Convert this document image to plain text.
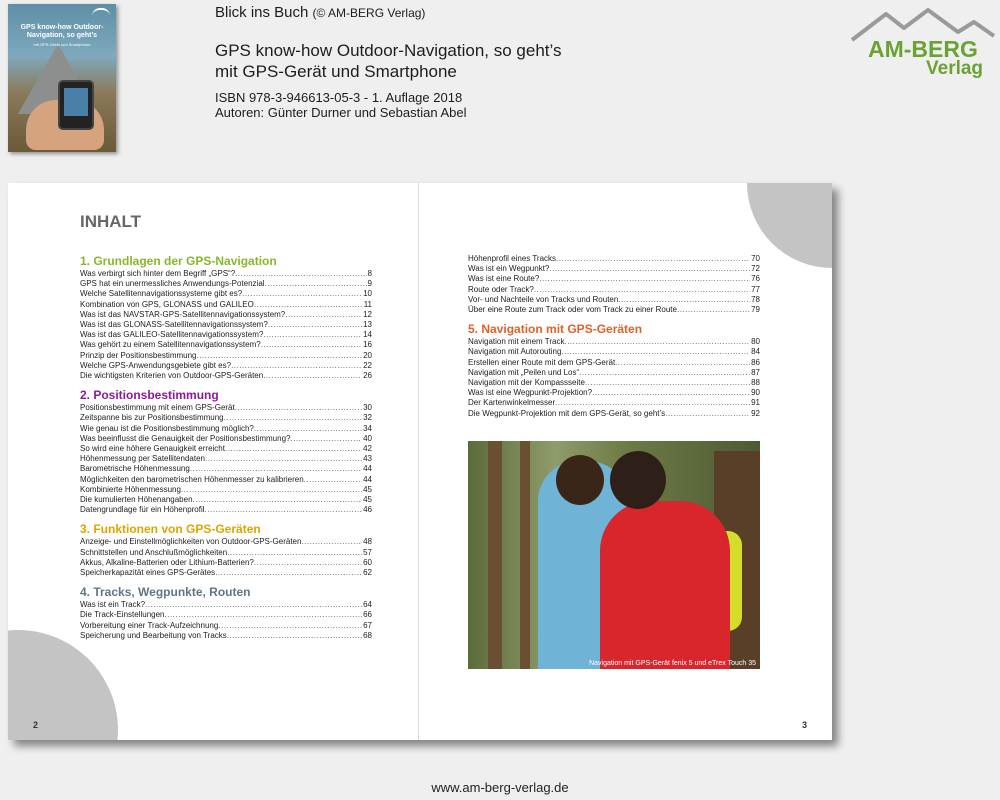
GPS know-how Outdoor-Navigation, so geht’s
mit GPS-Gerät und Smartphone
Blick ins Buch (© AM-BERG Verlag)
GPS know-how Outdoor-Navigation, so geht’s
mit GPS-Gerät und Smartphone
ISBN 978-3-946613-05-3 - 1. Auflage 2018
Autoren: Günter Durner und Sebastian Abel
AM-BERG
Verlag
INHALT
1. Grundlagen der GPS-Navigation
Was verbirgt sich hinter dem Begriff „GPS“? .....	8
GPS hat ein unermessliches Anwendungs-Potenzial .....	9
Welche Satellitennavigationssysteme gibt es? .....	10
Kombination von GPS, GLONASS und GALILEO .....	11
Was ist das NAVSTAR-GPS-Satellitennavigationssystem? .....	12
Was ist das GLONASS-Satellitennavigationssystem? .....	13
Was ist das GALILEO-Satellitennavigationssystem? .....	14
Was gehört zu einem Satellitennavigationssystem? .....	16
Prinzip der Positionsbestimmung .....	20
Welche GPS-Anwendungsgebiete gibt es? .....	22
Die wichtigsten Kriterien von Outdoor-GPS-Geräten .....	26
2. Positionsbestimmung
Positionsbestimmung mit einem GPS-Gerät .....	30
Zeitspanne bis zur Positionsbestimmung .....	32
Wie genau ist die Positionsbestimmung möglich? .....	34
Was beeinflusst die Genauigkeit der Positionsbestimmung? .....	40
So wird eine höhere Genauigkeit erreicht .....	42
Höhenmessung per Satellitendaten .....	43
Barometrische Höhenmessung .....	44
Möglichkeiten den barometrischen Höhenmesser zu kalibrieren .....	44
Kombinierte Höhenmessung .....	45
Die kumulierten Höhenangaben .....	45
Datengrundlage für ein Höhenprofil .....	46
3. Funktionen von GPS-Geräten
Anzeige- und Einstellmöglichkeiten von Outdoor-GPS-Geräten .....	48
Schnittstellen und Anschlußmöglichkeiten .....	57
Akkus, Alkaline-Batterien oder Lithium-Batterien? .....	60
Speicherkapazität eines GPS-Gerätes .....	62
4. Tracks, Wegpunkte, Routen
Was ist ein Track? .....	64
Die Track-Einstellungen .....	66
Vorbereitung einer Track-Aufzeichnung .....	67
Speicherung und Bearbeitung von Tracks .....	68
Höhenprofil eines Tracks .....	70
Was ist ein Wegpunkt? .....	72
Was ist eine Route? .....	76
Route oder Track? .....	77
Vor- und Nachteile von Tracks und Routen .....	78
Über eine Route zum Track oder vom Track zu einer Route .....	79
5. Navigation mit GPS-Geräten
Navigation mit einem Track .....	80
Navigation mit Autorouting .....	84
Erstellen einer Route mit dem GPS-Gerät .....	86
Navigation mit „Peilen und Los“ .....	87
Navigation mit der Kompassseite .....	88
Was ist eine Wegpunkt-Projektion? .....	90
Der Kartenwinkelmesser .....	91
Die Wegpunkt-Projektion mit dem GPS-Gerät, so geht’s .....	92
Navigation mit GPS-Gerät fenix 5 und eTrex Touch 35
2	3
www.am-berg-verlag.de
